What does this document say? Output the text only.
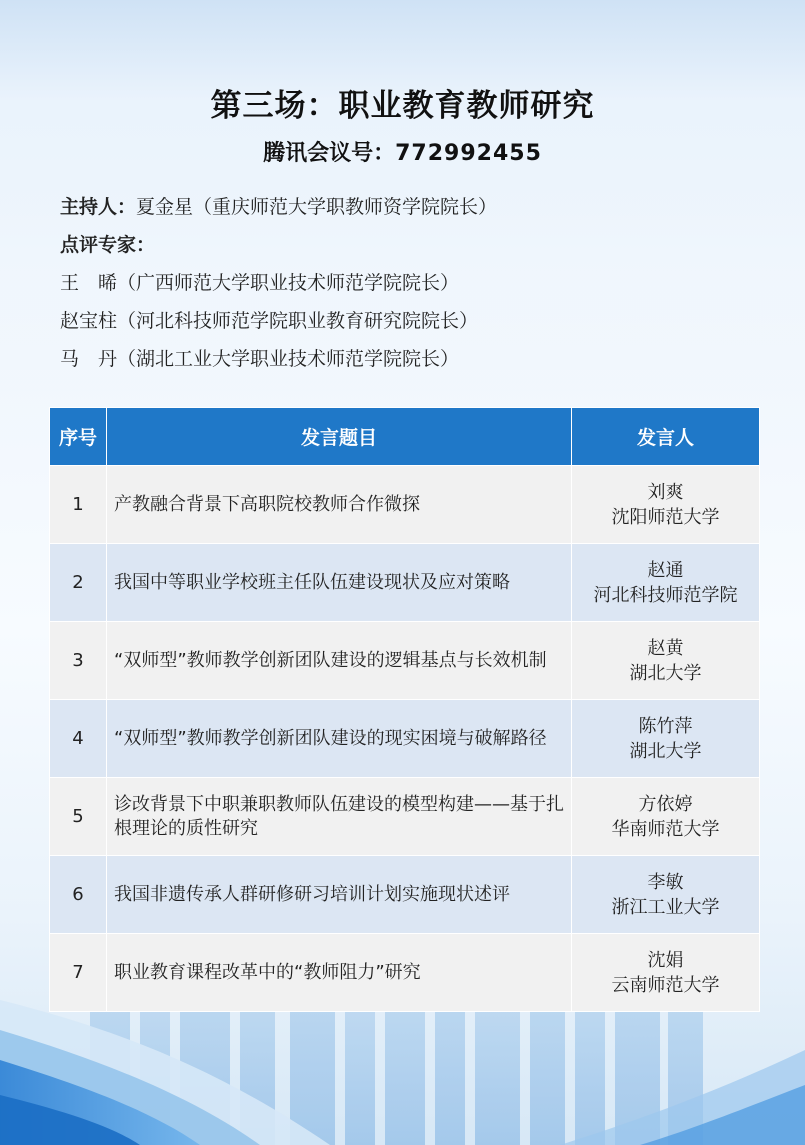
第三场：职业教育教师研究
腾讯会议号：772992455
主持人：夏金星（重庆师范大学职教师资学院院长）
点评专家：
王　晞（广西师范大学职业技术师范学院院长）
赵宝柱（河北科技师范学院职业教育研究院院长）
马　丹（湖北工业大学职业技术师范学院院长）
序号	发言题目	发言人
1	产教融合背景下高职院校教师合作微探	刘爽
沈阳师范大学

2	我国中等职业学校班主任队伍建设现状及应对策略	赵通
河北科技师范学院

3	“双师型”教师教学创新团队建设的逻辑基点与长效机制	赵黄
湖北大学

4	“双师型”教师教学创新团队建设的现实困境与破解路径	陈竹萍
湖北大学

5	诊改背景下中职兼职教师队伍建设的模型构建——基于扎根理论的质性研究	方依婷
华南师范大学

6	我国非遗传承人群研修研习培训计划实施现状述评	李敏
浙江工业大学

7	职业教育课程改革中的“教师阻力”研究	沈娟
云南师范大学
